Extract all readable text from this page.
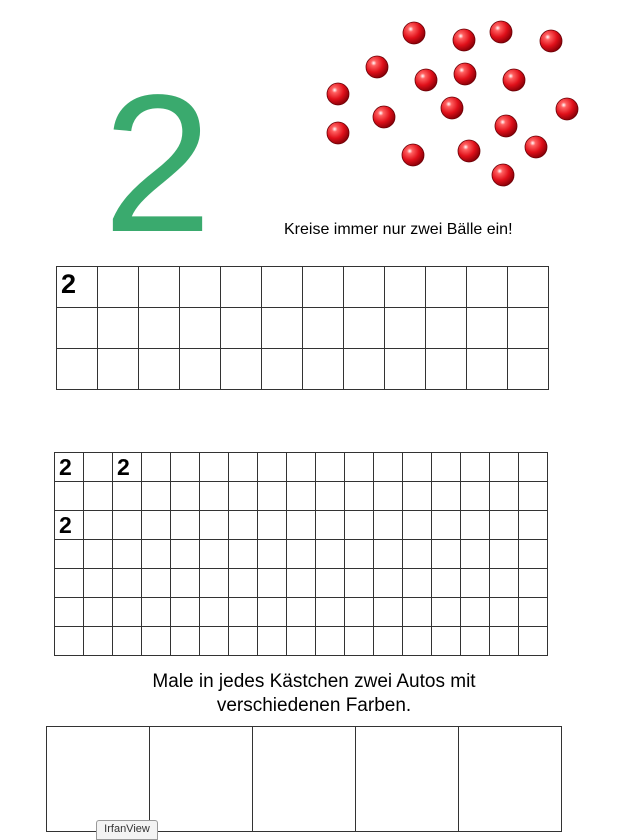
2	Kreise immer nur zwei Bälle ein!
2											

2		2														

2																

Male in jedes Kästchen zwei Autos mit
verschiedenen Farben.

IrfanView
